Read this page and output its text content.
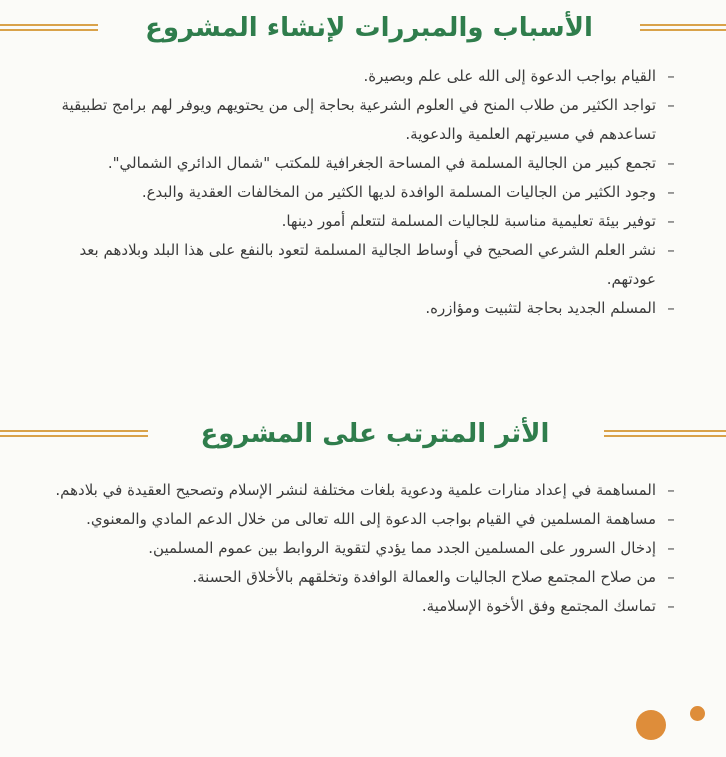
الأسباب والمبررات لإنشاء المشروع
–
القيام بواجب الدعوة إلى الله على علم وبصيرة.
–
تواجد الكثير من طلاب المنح في العلوم الشرعية بحاجة إلى من يحتويهم ويوفر لهم برامج تطبيقية تساعدهم في مسيرتهم العلمية والدعوية.
–
تجمع كبير من الجالية المسلمة في المساحة الجغرافية للمكتب "شمال الدائري الشمالي".
–
وجود الكثير من الجاليات المسلمة الوافدة لديها الكثير من المخالفات العقدية والبدع.
–
توفير بيئة تعليمية مناسبة للجاليات المسلمة لتتعلم أمور دينها.
–
نشر العلم الشرعي الصحيح في أوساط الجالية المسلمة لتعود بالنفع على هذا البلد وبلادهم بعد عودتهم.
–
المسلم الجديد بحاجة لتثبيت ومؤازره.
الأثر المترتب على المشروع
–
المساهمة في إعداد منارات علمية ودعوية بلغات مختلفة لنشر الإسلام وتصحيح العقيدة في بلادهم.
–
مساهمة المسلمين في القيام بواجب الدعوة إلى الله تعالى من خلال الدعم المادي والمعنوي.
–
إدخال السرور على المسلمين الجدد مما يؤدي لتقوية الروابط بين عموم المسلمين.
–
من صلاح المجتمع صلاح الجاليات والعمالة الوافدة وتخلقهم بالأخلاق الحسنة.
–
تماسك المجتمع وفق الأخوة الإسلامية.
